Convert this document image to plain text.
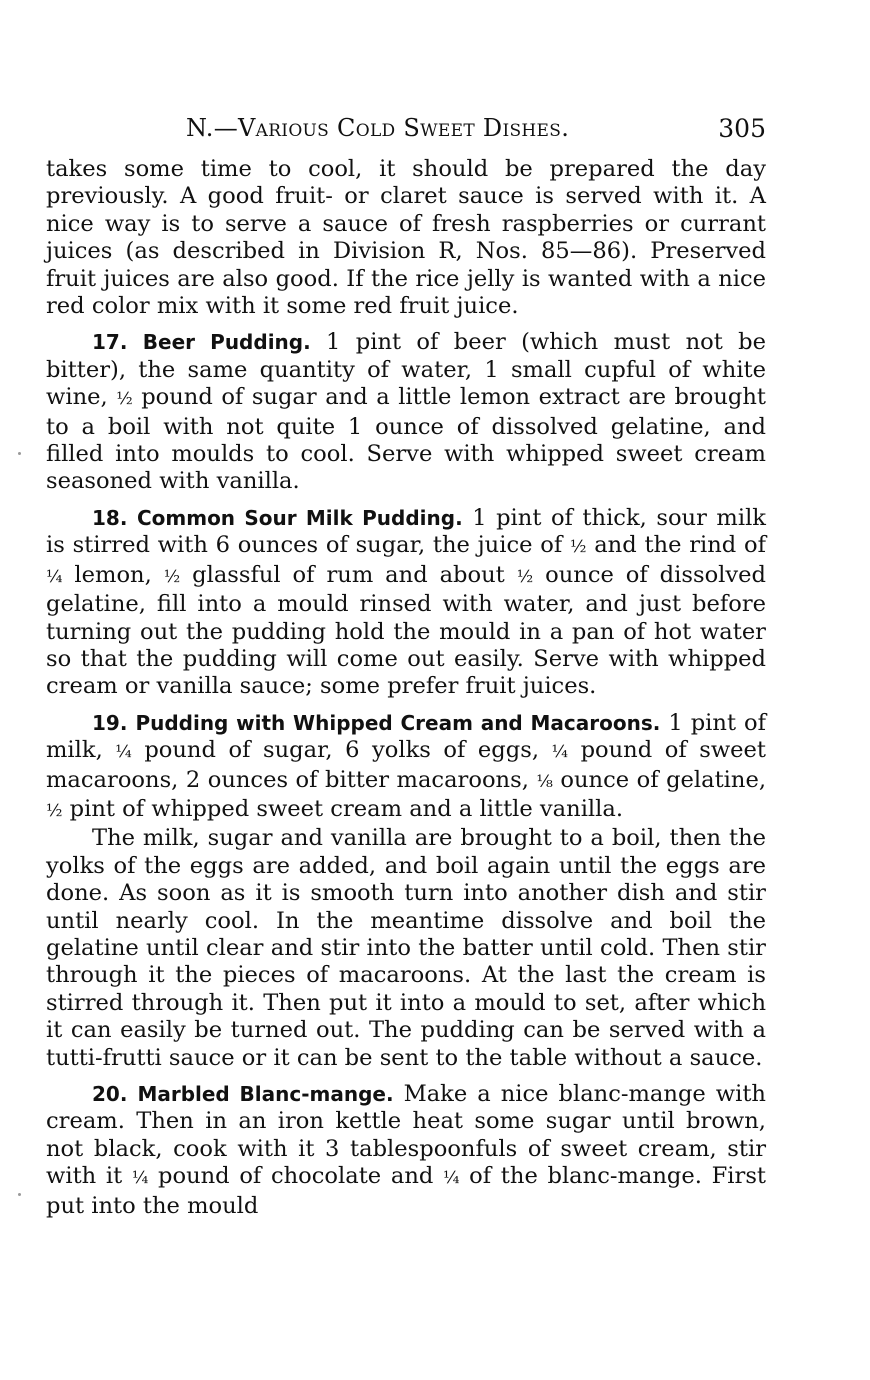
N.—Various Cold Sweet Dishes.	305

takes some time to cool, it should be prepared the day previously. A good fruit- or claret sauce is served with it. A nice way is to serve a sauce of fresh raspberries or currant juices (as described in Division R, Nos. 85—86). Preserved fruit juices are also good. If the rice jelly is wanted with a nice red color mix with it some red fruit juice.

17. Beer Pudding. 1 pint of beer (which must not be bitter), the same quantity of water, 1 small cupful of white wine, ½ pound of sugar and a little lemon extract are brought to a boil with not quite 1 ounce of dissolved gelatine, and filled into moulds to cool. Serve with whipped sweet cream seasoned with vanilla.

18. Common Sour Milk Pudding. 1 pint of thick, sour milk is stirred with 6 ounces of sugar, the juice of ½ and the rind of ¼ lemon, ½ glassful of rum and about ½ ounce of dissolved gelatine, fill into a mould rinsed with water, and just before turning out the pudding hold the mould in a pan of hot water so that the pudding will come out easily. Serve with whipped cream or vanilla sauce; some prefer fruit juices.

19. Pudding with Whipped Cream and Macaroons. 1 pint of milk, ¼ pound of sugar, 6 yolks of eggs, ¼ pound of sweet macaroons, 2 ounces of bitter macaroons, ⅛ ounce of gelatine, ½ pint of whipped sweet cream and a little vanilla.

The milk, sugar and vanilla are brought to a boil, then the yolks of the eggs are added, and boil again until the eggs are done. As soon as it is smooth turn into another dish and stir until nearly cool. In the meantime dissolve and boil the gelatine until clear and stir into the batter until cold. Then stir through it the pieces of macaroons. At the last the cream is stirred through it. Then put it into a mould to set, after which it can easily be turned out. The pudding can be served with a tutti-frutti sauce or it can be sent to the table without a sauce.

20. Marbled Blanc-mange. Make a nice blanc-mange with cream. Then in an iron kettle heat some sugar until brown, not black, cook with it 3 tablespoonfuls of sweet cream, stir with it ¼ pound of chocolate and ¼ of the blanc-mange. First put into the mould
